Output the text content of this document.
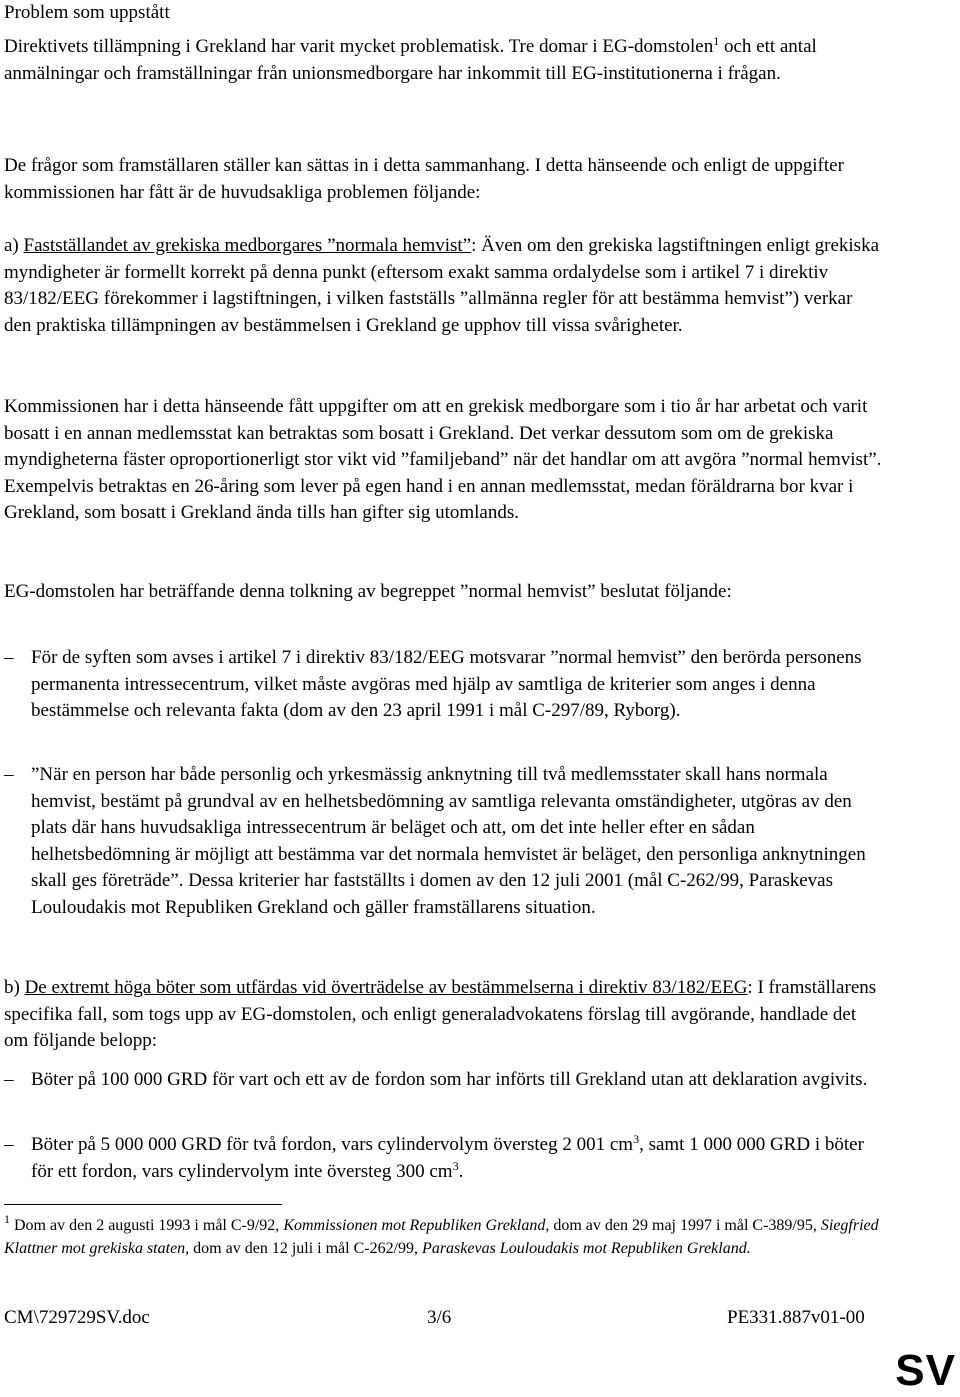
Problem som uppstått

Direktivets tillämpning i Grekland har varit mycket problematisk. Tre domar i EG-domstolen$^1$ och ett antal anmälningar och framställningar från unionsmedborgare har inkommit till EG-institutionerna i frågan.

De frågor som framställaren ställer kan sättas in i detta sammanhang. I detta hänseende och enligt de uppgifter kommissionen har fått är de huvudsakliga problemen följande:

a) Fastställandet av grekiska medborgares ”normala hemvist”: Även om den grekiska lagstiftningen enligt grekiska myndigheter är formellt korrekt på denna punkt (eftersom exakt samma ordalydelse som i artikel 7 i direktiv 83/182/EEG förekommer i lagstiftningen, i vilken fastställs ”allmänna regler för att bestämma hemvist”) verkar den praktiska tillämpningen av bestämmelsen i Grekland ge upphov till vissa svårigheter.

Kommissionen har i detta hänseende fått uppgifter om att en grekisk medborgare som i tio år har arbetat och varit bosatt i en annan medlemsstat kan betraktas som bosatt i Grekland. Det verkar dessutom som om de grekiska myndigheterna fäster oproportionerligt stor vikt vid ”familjeband” när det handlar om att avgöra ”normal hemvist”. Exempelvis betraktas en 26-åring som lever på egen hand i en annan medlemsstat, medan föräldrarna bor kvar i Grekland, som bosatt i Grekland ända tills han gifter sig utomlands.

EG-domstolen har beträffande denna tolkning av begreppet ”normal hemvist” beslutat följande:

– För de syften som avses i artikel 7 i direktiv 83/182/EEG motsvarar ”normal hemvist” den berörda personens permanenta intressecentrum, vilket måste avgöras med hjälp av samtliga de kriterier som anges i denna bestämmelse och relevanta fakta (dom av den 23 april 1991 i mål C-297/89, Ryborg).
– ”När en person har både personlig och yrkesmässig anknytning till två medlemsstater skall hans normala hemvist, bestämt på grundval av en helhetsbedömning av samtliga relevanta omständigheter, utgöras av den plats där hans huvudsakliga intressecentrum är beläget och att, om det inte heller efter en sådan helhetsbedömning är möjligt att bestämma var det normala hemvistet är beläget, den personliga anknytningen skall ges företräde”. Dessa kriterier har fastställts i domen av den 12 juli 2001 (mål C-262/99, Paraskevas Louloudakis mot Republiken Grekland och gäller framställarens situation.

b) De extremt höga böter som utfärdas vid överträdelse av bestämmelserna i direktiv 83/182/EEG: I framställarens specifika fall, som togs upp av EG-domstolen, och enligt generaladvokatens förslag till avgörande, handlade det om följande belopp:

– Böter på 100 000 GRD för vart och ett av de fordon som har införts till Grekland utan att deklaration avgivits.
– Böter på 5 000 000 GRD för två fordon, vars cylindervolym översteg 2 001 $cm^3$, samt 1 000 000 GRD i böter för ett fordon, vars cylindervolym inte översteg 300 $cm^3$.
$^1$ Dom av den 2 augusti 1993 i mål C-9/92, Kommissionen mot Republiken Grekland, dom av den 29 maj 1997 i mål C-389/95, Siegfried Klattner mot grekiska staten, dom av den 12 juli i mål C-262/99, Paraskevas Louloudakis mot Republiken Grekland.
CM\729729SV.doc	3/6	PE331.887v01-00
SV
